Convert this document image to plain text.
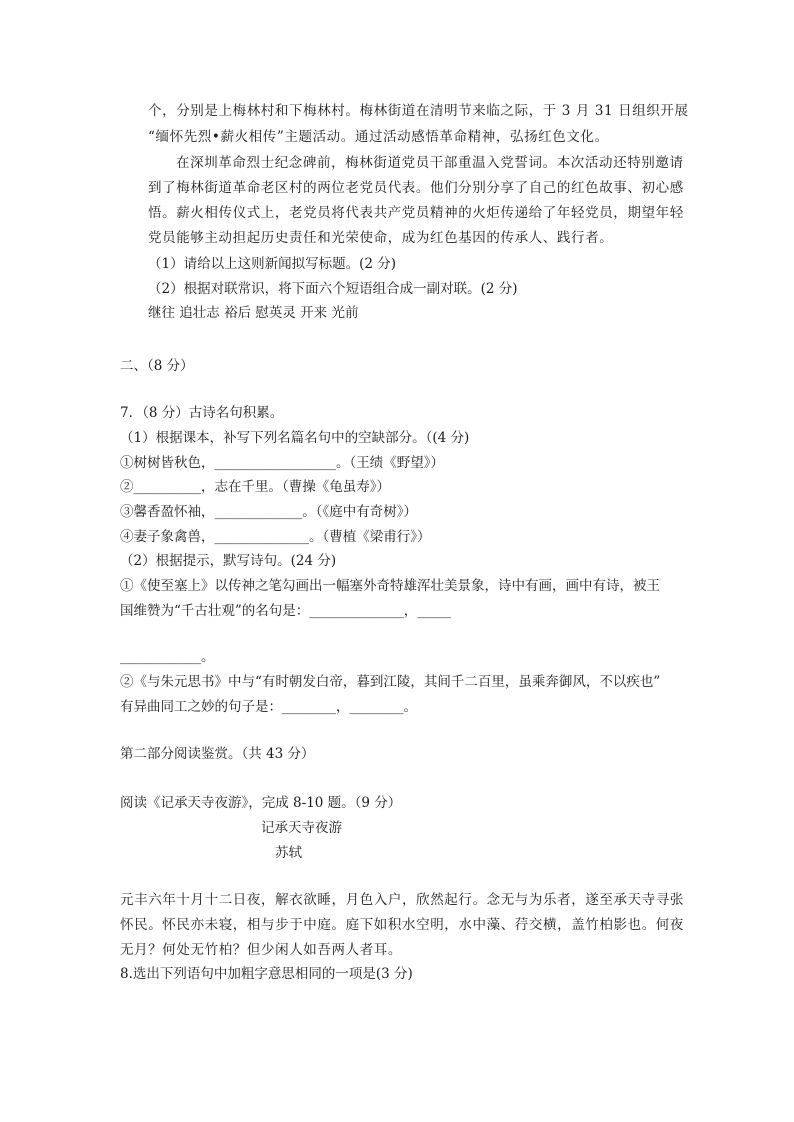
个，分别是上梅林村和下梅林村。梅林街道在清明节来临之际，于 3 月 31 日组织开展
“缅怀先烈•薪火相传”主题活动。通过活动感悟革命精神，弘扬红色文化。
在深圳革命烈士纪念碑前，梅林街道党员干部重温入党誓词。本次活动还特别邀请
到了梅林街道革命老区村的两位老党员代表。他们分别分享了自己的红色故事、初心感
悟。薪火相传仪式上，老党员将代表共产党员精神的火炬传递给了年轻党员，期望年轻
党员能够主动担起历史责任和光荣使命，成为红色基因的传承人、践行者。
（1）请给以上这则新闻拟写标题。(2 分)
（2）根据对联常识，将下面六个短语组合成一副对联。(2 分)
继往 追壮志 裕后 慰英灵 开来 光前
二、（8 分）
7．（8 分）古诗名句积累。
（1）根据课本，补写下列名篇名句中的空缺部分。（(4 分)
①树树皆秋色，__________________。（王绩《野望》）
②__________，志在千里。（曹操《龟虽寿》）
③馨香盈怀袖，_____________。（《庭中有奇树》）
④妻子象禽兽，______________。（曹植《梁甫行》）
（2）根据提示，默写诗句。(24 分)
①《使至塞上》以传神之笔勾画出一幅塞外奇特雄浑壮美景象，诗中有画，画中有诗，被王
国维赞为“千古壮观”的名句是：______________，_____
____________。
②《与朱元思书》中与“有时朝发白帝，暮到江陵，其间千二百里，虽乘奔御风，不以疾也”
有异曲同工之妙的句子是：________，________。
第二部分阅读鉴赏。（共 43 分）
阅读《记承天寺夜游》，完成 8-10 题。（9 分）
记承天寺夜游
苏轼
元丰六年十月十二日夜，解衣欲睡，月色入户，欣然起行。念无与为乐者，遂至承天寺寻张
怀民。怀民亦未寝，相与步于中庭。庭下如积水空明，水中藻、荇交横，盖竹柏影也。何夜
无月？何处无竹柏？但少闲人如吾两人者耳。
8.选出下列语句中加粗字意思相同的一项是(3 分)
